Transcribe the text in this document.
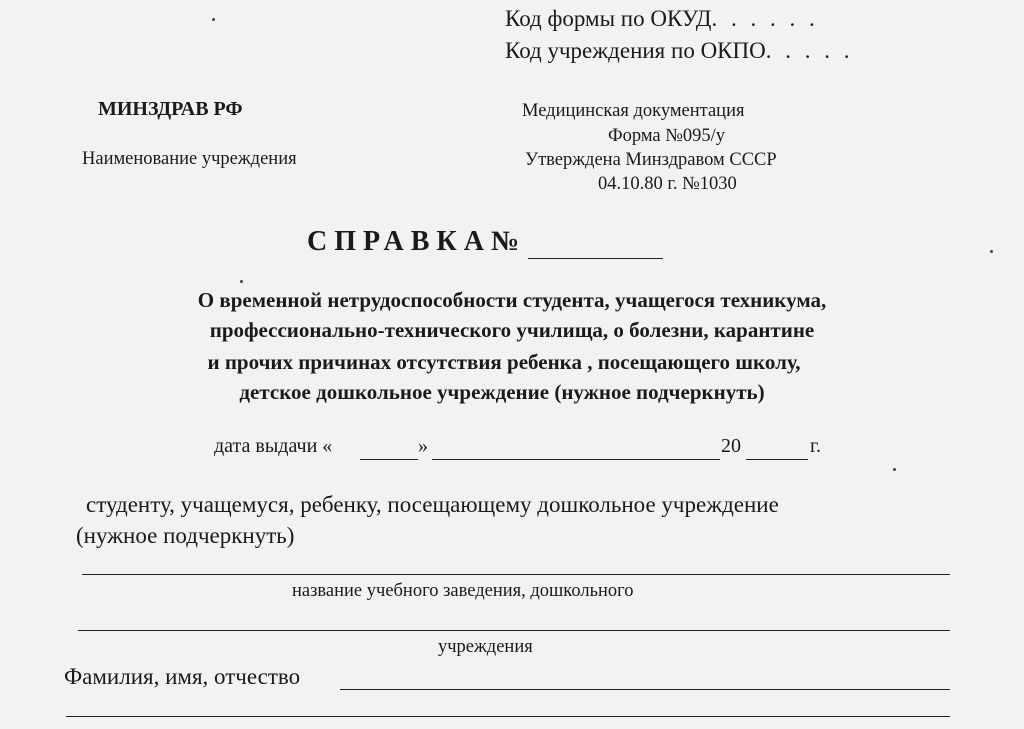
Код формы по ОКУД. . . . . .
Код учреждения по ОКПО. . . . .
МИНЗДРАВ РФ
Наименование учреждения
Медицинская документация
Форма №095/у
Утверждена Минздравом СССР
04.10.80 г. №1030
СПРАВКА№
О временной нетрудоспособности студента, учащегося техникума,
профессионально-технического училища, о болезни, карантине
и прочих причинах отсутствия ребенка , посещающего школу,
детское дошкольное учреждение (нужное подчеркнуть)
дата выдачи «	»	20	г.
студенту, учащемуся, ребенку, посещающему дошкольное учреждение
(нужное подчеркнуть)
название учебного заведения, дошкольного
учреждения
Фамилия, имя, отчество
